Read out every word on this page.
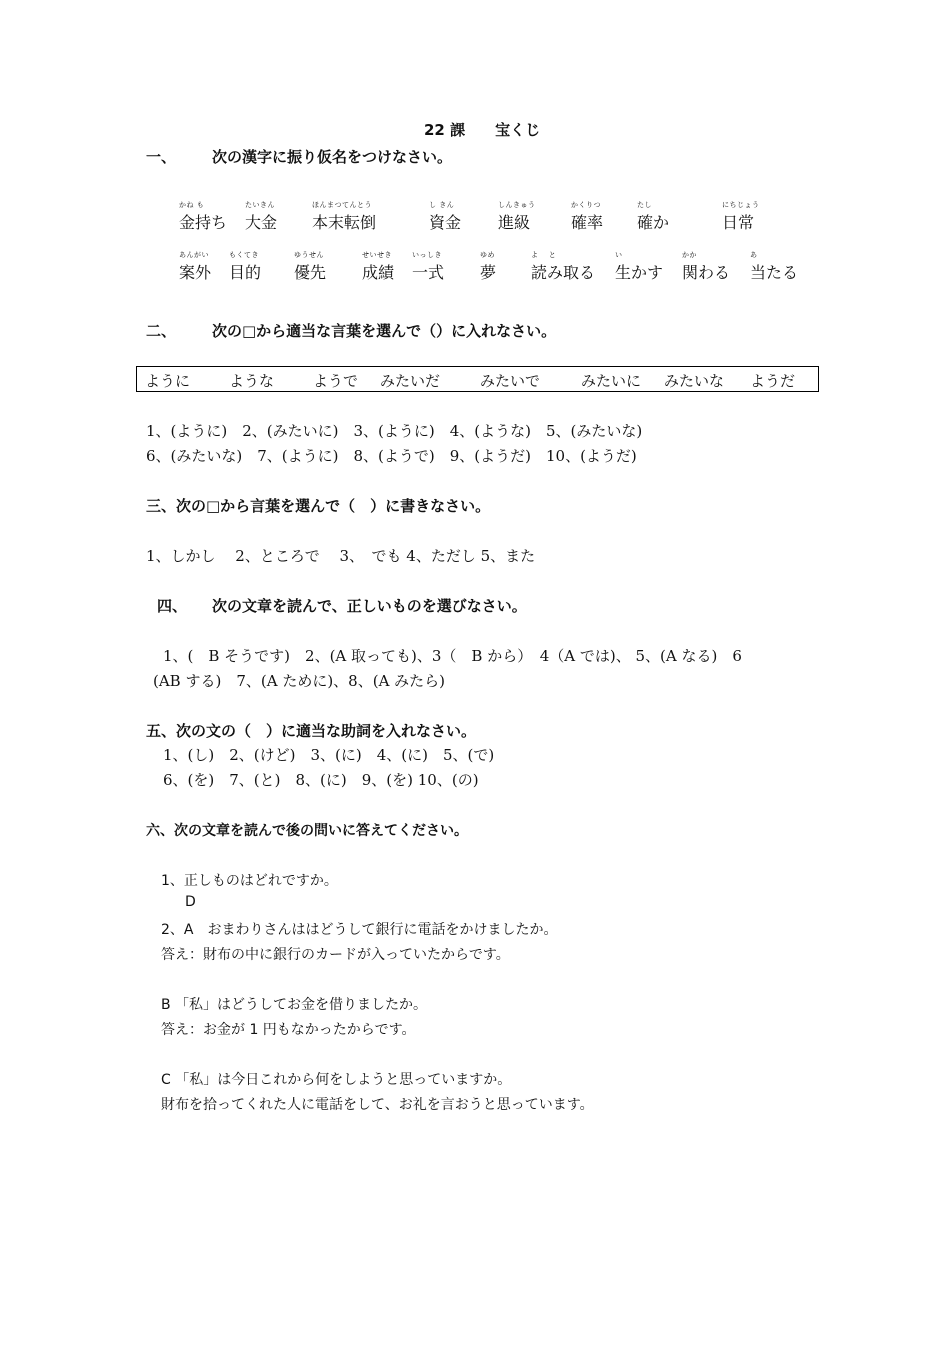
22 課　　宝くじ
一、 次の漢字に振り仮名をつけなさい。
かね も
金持ち
たいきん
大金
ほんまつてんとう
本末転倒
し きん
資金
しんきゅう
進級
かくりつ
確率
たし
確か
にちじょう
日常
あんがい
案外
もくてき
目的
ゆうせん
優先
せいせき
成績
いっしき
一式
ゆめ
夢
よ　 と
読み取る
い
生かす
かか
関わる
あ
当たる
二、 次の□から適当な言葉を選んで（）に入れなさい。
ように	ような	ようで みたいだ	みたいで	みたいに みたいな ようだ
1、(ように)　2、(みたいに)　3、(ように)　4、(ような)　5、(みたいな)
6、(みたいな)　7、(ように)　8、(ようで)　9、(ようだ)　10、(ようだ)
三、次の□から言葉を選んで（　）に書きなさい。
1、しかし　 2、ところで　 3、　でも 4、ただし 5、また
四、 次の文章を読んで、正しいものを選びなさい。
1、(　B そうです)　2、(A 取っても)、3（　B から）　4（A では)、 5、(A なる)　6
(AB する)　7、(A ために)、8、(A みたら)
五、次の文の（　）に適当な助詞を入れなさい。
1、(し)　2、(けど)　3、(に)　4、(に)　5、(で)
6、(を)　7、(と)　8、(に)　9、(を) 10、(の)
六、次の文章を読んで後の問いに答えてください。
1、正しものはどれですか。
D
2、A　おまわりさんははどうして銀行に電話をかけましたか。
答え：財布の中に銀行のカードが入っていたからです。
B 「私」はどうしてお金を借りましたか。
答え：お金が 1 円もなかったからです。
C 「私」は今日これから何をしようと思っていますか。
財布を拾ってくれた人に電話をして、お礼を言おうと思っています。
